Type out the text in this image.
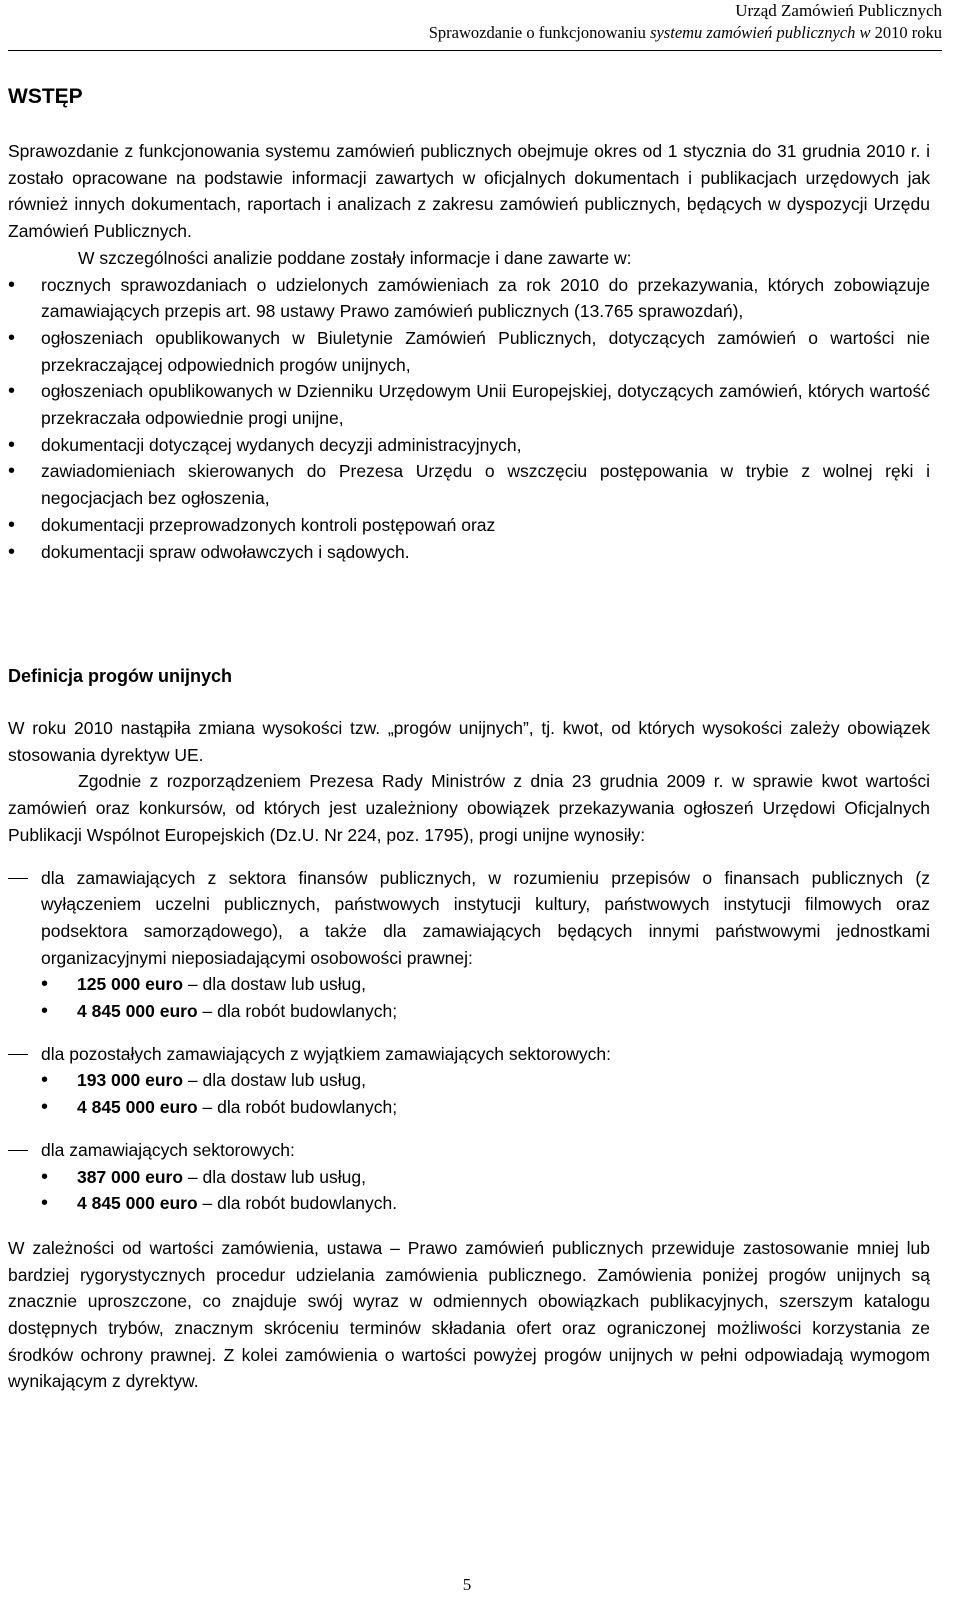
Urząd Zamówień Publicznych
Sprawozdanie o funkcjonowaniu systemu zamówień publicznych w 2010 roku
WSTĘP

Sprawozdanie z funkcjonowania systemu zamówień publicznych obejmuje okres od 1 stycznia do 31 grudnia 2010 r. i zostało opracowane na podstawie informacji zawartych w oficjalnych dokumentach i publikacjach urzędowych jak również innych dokumentach, raportach i analizach z zakresu zamówień publicznych, będących w dyspozycji Urzędu Zamówień Publicznych.

W szczególności analizie poddane zostały informacje i dane zawarte w:

• rocznych sprawozdaniach o udzielonych zamówieniach za rok 2010 do przekazywania, których zobowiązuje zamawiających przepis art. 98 ustawy Prawo zamówień publicznych (13.765 sprawozdań),
• ogłoszeniach opublikowanych w Biuletynie Zamówień Publicznych, dotyczących zamówień o wartości nie przekraczającej odpowiednich progów unijnych,
• ogłoszeniach opublikowanych w Dzienniku Urzędowym Unii Europejskiej, dotyczących zamówień, których wartość przekraczała odpowiednie progi unijne,
• dokumentacji dotyczącej wydanych decyzji administracyjnych,
• zawiadomieniach skierowanych do Prezesa Urzędu o wszczęciu postępowania w trybie z wolnej ręki i negocjacjach bez ogłoszenia,
• dokumentacji przeprowadzonych kontroli postępowań oraz
• dokumentacji spraw odwoławczych i sądowych.
Definicja progów unijnych

W roku 2010 nastąpiła zmiana wysokości tzw. „progów unijnych”, tj. kwot, od których wysokości zależy obowiązek stosowania dyrektyw UE.

Zgodnie z rozporządzeniem Prezesa Rady Ministrów z dnia 23 grudnia 2009 r. w sprawie kwot wartości zamówień oraz konkursów, od których jest uzależniony obowiązek przekazywania ogłoszeń Urzędowi Oficjalnych Publikacji Wspólnot Europejskich (Dz.U. Nr 224, poz. 1795), progi unijne wynosiły:

dla zamawiających z sektora finansów publicznych, w rozumieniu przepisów o finansach publicznych (z wyłączeniem uczelni publicznych, państwowych instytucji kultury, państwowych instytucji filmowych oraz podsektora samorządowego), a także dla zamawiających będących innymi państwowymi jednostkami organizacyjnymi nieposiadającymi osobowości prawnej:
• 125 000 euro – dla dostaw lub usług,
• 4 845 000 euro – dla robót budowlanych;
dla pozostałych zamawiających z wyjątkiem zamawiających sektorowych:
• 193 000 euro – dla dostaw lub usług,
• 4 845 000 euro – dla robót budowlanych;
dla zamawiających sektorowych:
• 387 000 euro – dla dostaw lub usług,
• 4 845 000 euro – dla robót budowlanych.

W zależności od wartości zamówienia, ustawa – Prawo zamówień publicznych przewiduje zastosowanie mniej lub bardziej rygorystycznych procedur udzielania zamówienia publicznego. Zamówienia poniżej progów unijnych są znacznie uproszczone, co znajduje swój wyraz w odmiennych obowiązkach publikacyjnych, szerszym katalogu dostępnych trybów, znacznym skróceniu terminów składania ofert oraz ograniczonej możliwości korzystania ze środków ochrony prawnej. Z kolei zamówienia o wartości powyżej progów unijnych w pełni odpowiadają wymogom wynikającym z dyrektyw.

5
